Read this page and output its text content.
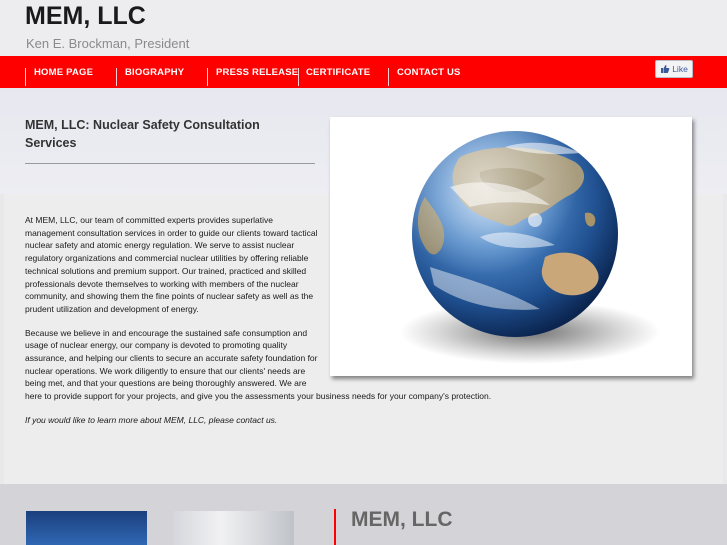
MEM, LLC
Ken E. Brockman, President
HOME PAGE	BIOGRAPHY	PRESS RELEASE CERTIFICATE	CONTACT US	Like
MEM, LLC: Nuclear Safety Consultation Services

At MEM, LLC, our team of committed experts provides superlative management consultation services in order to guide our clients toward tactical nuclear safety and atomic energy regulation. We serve to assist nuclear regulatory organizations and commercial nuclear utilities by offering reliable technical solutions and premium support. Our trained, practiced and skilled professionals devote themselves to working with members of the nuclear community, and showing them the fine points of nuclear safety as well as the prudent utilization and development of energy.

Because we believe in and encourage the sustained safe consumption and usage of nuclear energy, our company is devoted to promoting quality assurance, and helping our clients to secure an accurate safety foundation for nuclear operations. We work diligently to ensure that our clients' needs are being met, and that your questions are being thoroughly answered. We are here to provide support for your projects, and give you the assessments your business needs for your company's protection.

If you would like to learn more about MEM, LLC, please contact us.

MEM, LLC
